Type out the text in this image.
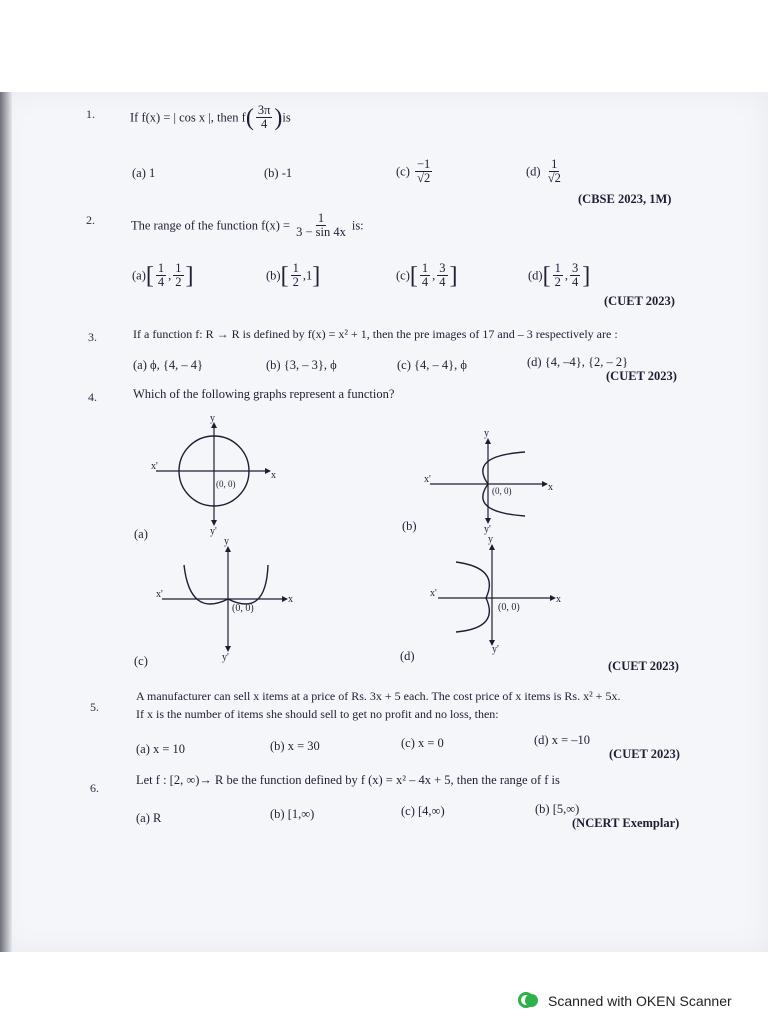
1.	If f(x) = | cos x |, then $f( \frac{3\pi}{4} )is$
(a) 1	(b) -1	$(c) \frac{-1}{√2}$	$(d) \frac{1}{√2}$
(CBSE 2023, 1M)
2.	The range of the function $f(x) = \frac{1}{3 - \sin 4x}$ is:
$(a)[ \frac{1}{4}$ , $\frac{1}{2}$ ]	$(b)[ \frac{1}{2} ,1]$	$(c)[ \frac{1}{4}$ , $\frac{3}{4}$ ]	$(d)[ \frac{1}{2}$ , $\frac{3}{4}$ ]
(CUET 2023)
3.	If a function f: R → R is defined by f(x) = x² + 1, then the pre images of 17 and – 3 respectively are :
(a) ϕ, {4, – 4}	(b) {3, – 3}, ϕ	(c) {4, – 4}, ϕ	(d) {4, –4}, {2, – 2}
(CUET 2023)
4.	Which of the following graphs represent a function?
x'
x
y
y'
(0, 0)
(a)
x'
x
y
y'
(0, 0)
(b)
x'	x
y
y'
(0, 0)
(c)
x'
x
y
y'
(0, 0)
(d)
(CUET 2023)
5.
A manufacturer can sell x items at a price of Rs. 3x + 5 each. The cost price of x items is Rs. x² + 5x.
If x is the number of items she should sell to get no profit and no loss, then:
(a) x = 10	(b) x = 30	(c) x = 0	(d) x = –10
(CUET 2023)
6.
Let f : [2, ∞)→ R be the function defined by f (x) = x² – 4x + 5, then the range of f is
(a) R	(b) [1,∞)	(c) [4,∞)	(b) [5,∞)
(NCERT Exemplar)
Scanned with OKEN Scanner
